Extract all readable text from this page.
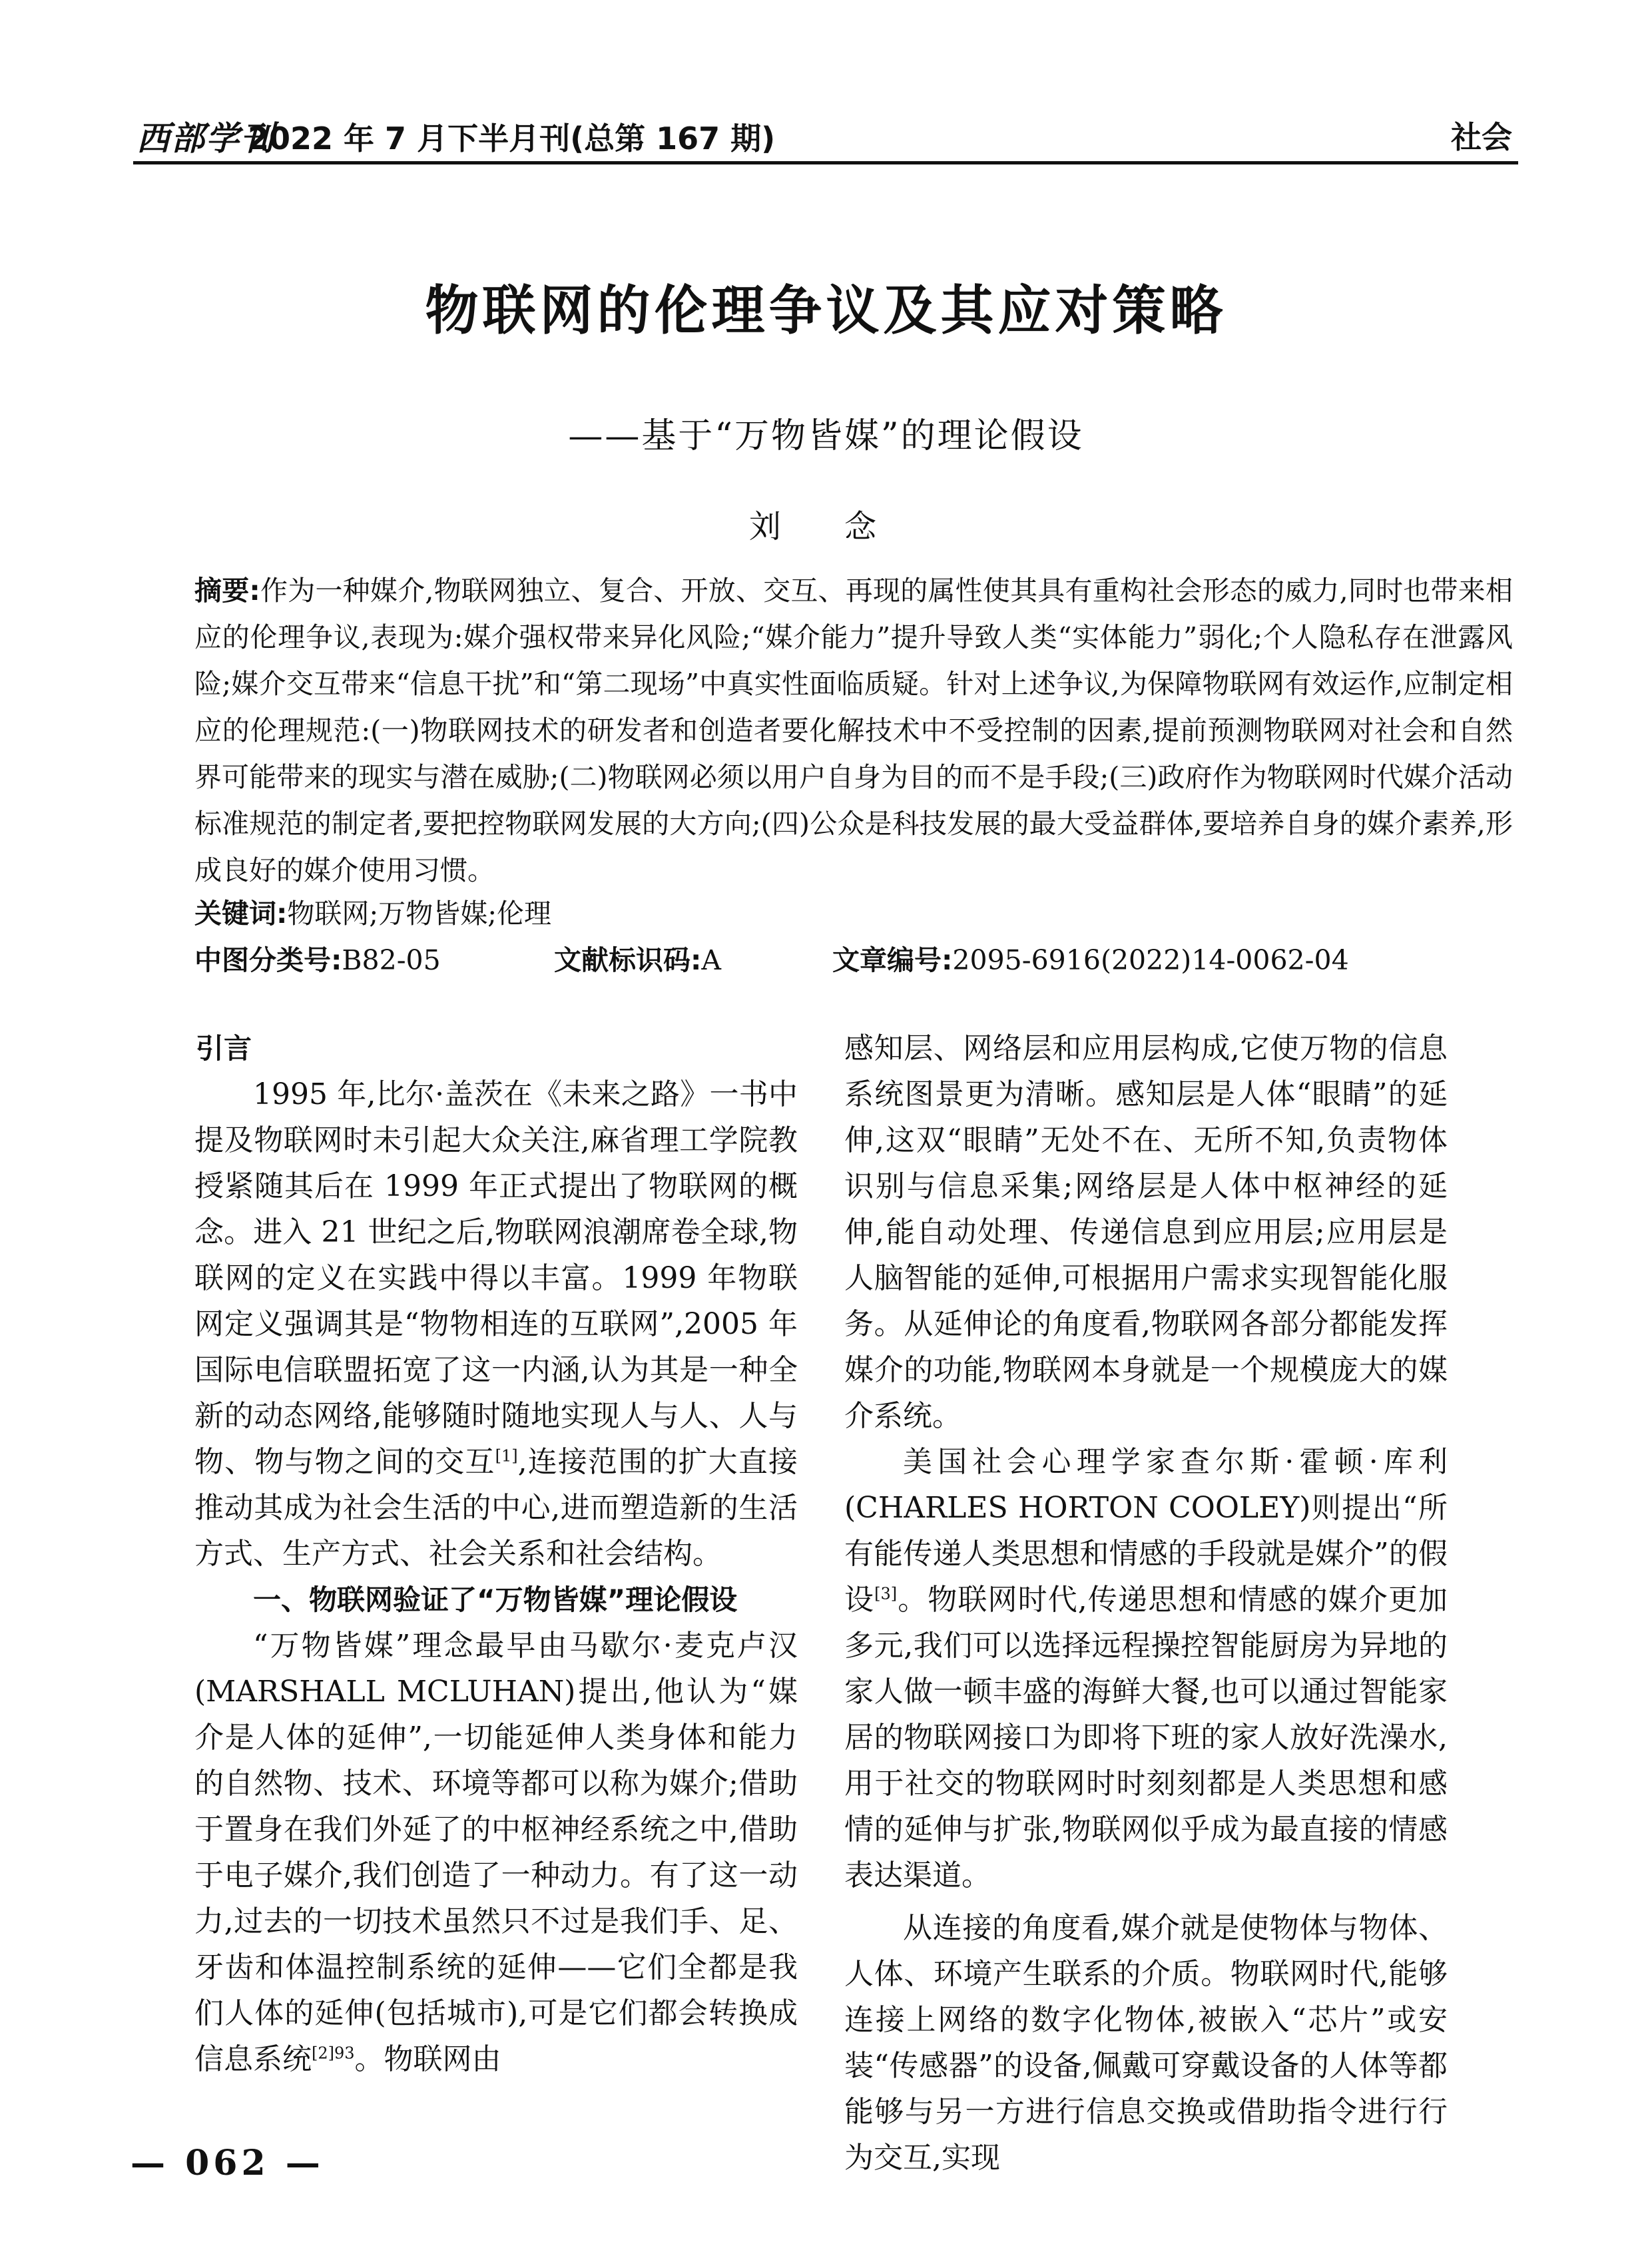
西部学刊
2022 年 7 月下半月刊(总第 167 期)	社会
物联网的伦理争议及其应对策略
——基于“万物皆媒”的理论假设
刘 念

摘要:作为一种媒介,物联网独立、复合、开放、交互、再现的属性使其具有重构社会形态的威力,同时也带来相应的伦理争议,表现为:媒介强权带来异化风险;“媒介能力”提升导致人类“实体能力”弱化;个人隐私存在泄露风险;媒介交互带来“信息干扰”和“第二现场”中真实性面临质疑。针对上述争议,为保障物联网有效运作,应制定相应的伦理规范:(一)物联网技术的研发者和创造者要化解技术中不受控制的因素,提前预测物联网对社会和自然界可能带来的现实与潜在威胁;(二)物联网必须以用户自身为目的而不是手段;(三)政府作为物联网时代媒介活动标准规范的制定者,要把控物联网发展的大方向;(四)公众是科技发展的最大受益群体,要培养自身的媒介素养,形成良好的媒介使用习惯。

关键词:物联网;万物皆媒;伦理
中图分类号:B82-05	文献标识码:A	文章编号:2095-6916(2022)14-0062-04
引言

1995 年,比尔·盖茨在《未来之路》一书中提及物联网时未引起大众关注,麻省理工学院教授紧随其后在 1999 年正式提出了物联网的概念。进入 21 世纪之后,物联网浪潮席卷全球,物联网的定义在实践中得以丰富。1999 年物联网定义强调其是“物物相连的互联网”,2005 年国际电信联盟拓宽了这一内涵,认为其是一种全新的动态网络,能够随时随地实现人与人、人与物、物与物之间的交互[1],连接范围的扩大直接推动其成为社会生活的中心,进而塑造新的生活方式、生产方式、社会关系和社会结构。

一、物联网验证了“万物皆媒”理论假设

“万物皆媒”理念最早由马歇尔·麦克卢汉(MARSHALL MCLUHAN)提出,他认为“媒介是人体的延伸”,一切能延伸人类身体和能力的自然物、技术、环境等都可以称为媒介;借助于置身在我们外延了的中枢神经系统之中,借助于电子媒介,我们创造了一种动力。有了这一动力,过去的一切技术虽然只不过是我们手、足、牙齿和体温控制系统的延伸——它们全都是我们人体的延伸(包括城市),可是它们都会转换成信息系统$^{[2]93}$。物联网由

感知层、网络层和应用层构成,它使万物的信息系统图景更为清晰。感知层是人体“眼睛”的延伸,这双“眼睛”无处不在、无所不知,负责物体识别与信息采集;网络层是人体中枢神经的延伸,能自动处理、传递信息到应用层;应用层是人脑智能的延伸,可根据用户需求实现智能化服务。从延伸论的角度看,物联网各部分都能发挥媒介的功能,物联网本身就是一个规模庞大的媒介系统。

美国社会心理学家查尔斯·霍顿·库利(CHARLES HORTON COOLEY)则提出“所有能传递人类思想和情感的手段就是媒介”的假设[3]。物联网时代,传递思想和情感的媒介更加多元,我们可以选择远程操控智能厨房为异地的家人做一顿丰盛的海鲜大餐,也可以通过智能家居的物联网接口为即将下班的家人放好洗澡水,用于社交的物联网时时刻刻都是人类思想和感情的延伸与扩张,物联网似乎成为最直接的情感表达渠道。

从连接的角度看,媒介就是使物体与物体、人体、环境产生联系的介质。物联网时代,能够连接上网络的数字化物体,被嵌入“芯片”或安装“传感器”的设备,佩戴可穿戴设备的人体等都能够与另一方进行信息交换或借助指令进行行为交互,实现

— 062 —
